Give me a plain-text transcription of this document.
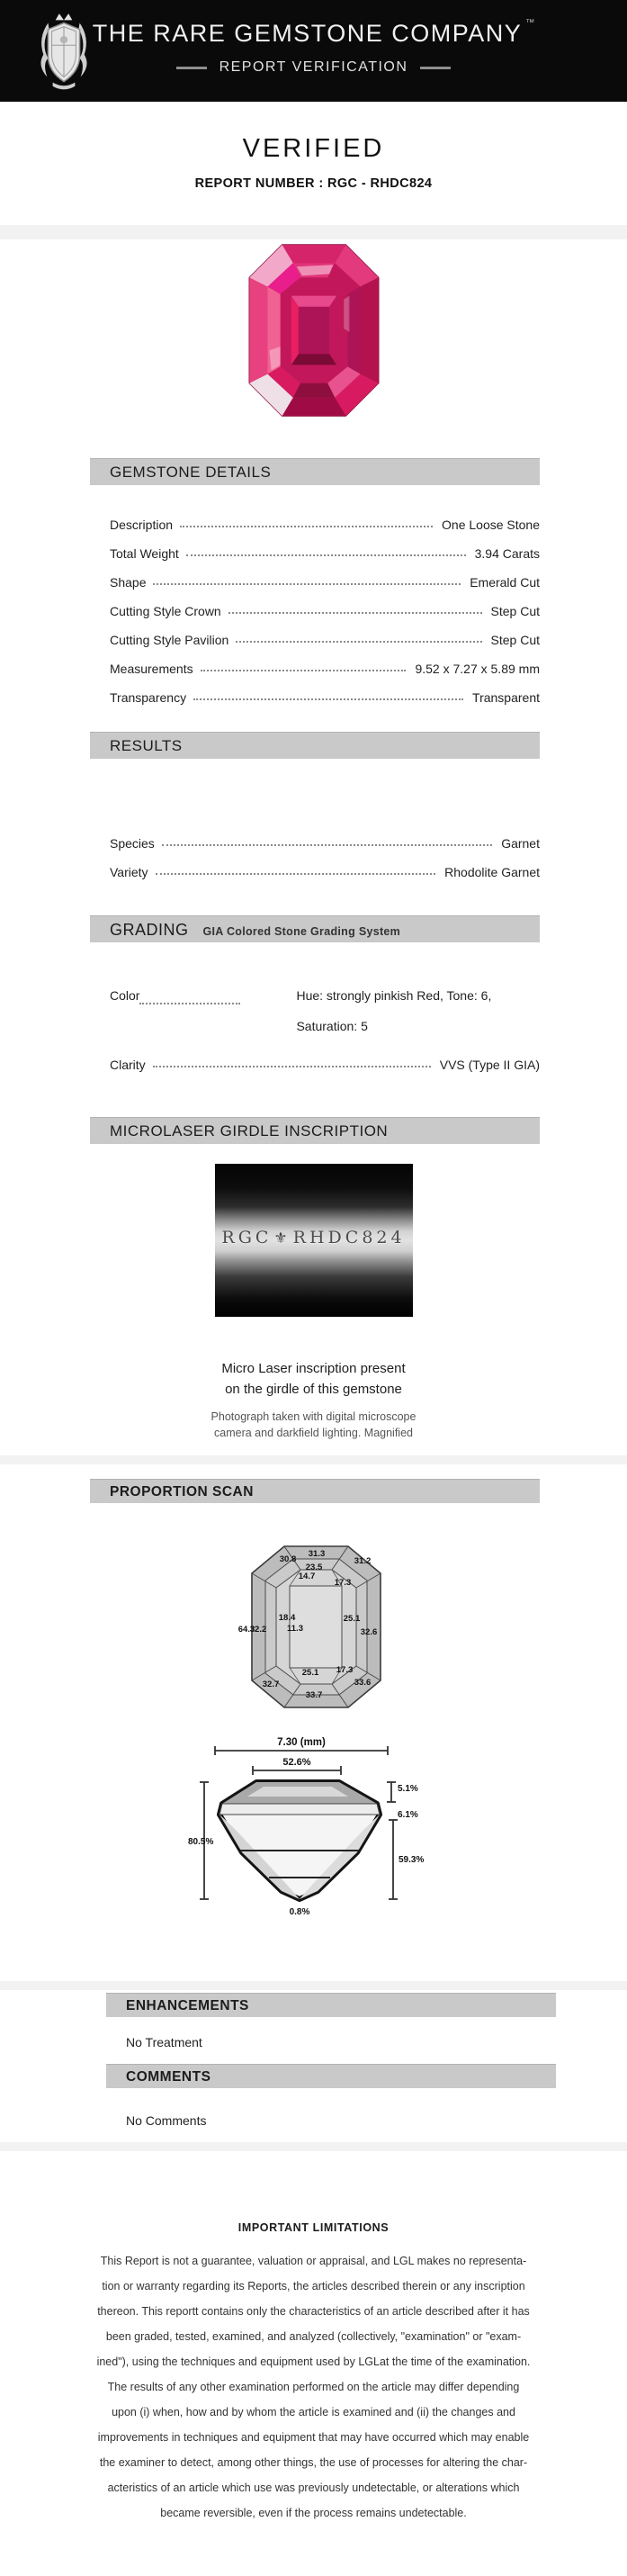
THE RARE GEMSTONE COMPANY ™
REPORT VERIFICATION
VERIFIED
REPORT NUMBER : RGC - RHDC824
GEMSTONE DETAILS
Description	One Loose Stone
Total Weight	3.94 Carats
Shape	Emerald Cut
Cutting Style Crown	Step Cut
Cutting Style Pavilion	Step Cut
Measurements	9.52 x 7.27 x 5.89 mm
Transparency	Transparent
RESULTS
Species	Garnet
Variety	Rhodolite Garnet
GRADING GIA Colored Stone Grading System
Color	Hue: strongly pinkish Red, Tone: 6,
Saturation: 5
Clarity	VVS (Type II GIA)
MICROLASER GIRDLE INSCRIPTION
RGC ⚜ RHDC824
Micro Laser inscription present
on the girdle of this gemstone
Photograph taken with digital microscope
camera and darkfield lighting. Magnified
PROPORTION SCAN
30.8
31.3
31.2
23.5
14.7
17.3
18.4
11.3
25.1
64.3
32.2	32.6
25.1 17.3
32.7	33.6
33.7
7.30 (mm)
52.6%
5.1%
6.1%
59.3%
80.5%
0.8%
ENHANCEMENTS
No Treatment
COMMENTS
No Comments
IMPORTANT LIMITATIONS
This Report is not a guarantee, valuation or appraisal, and LGL makes no representa-
tion or warranty regarding its Reports, the articles described therein or any inscription
thereon. This reportt contains only the characteristics of an article described after it has
been graded, tested, examined, and analyzed (collectively, "examination" or "exam-
ined"), using the techniques and equipment used by LGLat the time of the examination.
The results of any other examination performed on the article may differ depending
upon (i) when, how and by whom the article is examined and (ii) the changes and
improvements in techniques and equipment that may have occurred which may enable
the examiner to detect, among other things, the use of processes for altering the char-
acteristics of an article which use was previously undetectable, or alterations which
became reversible, even if the process remains undetectable.
